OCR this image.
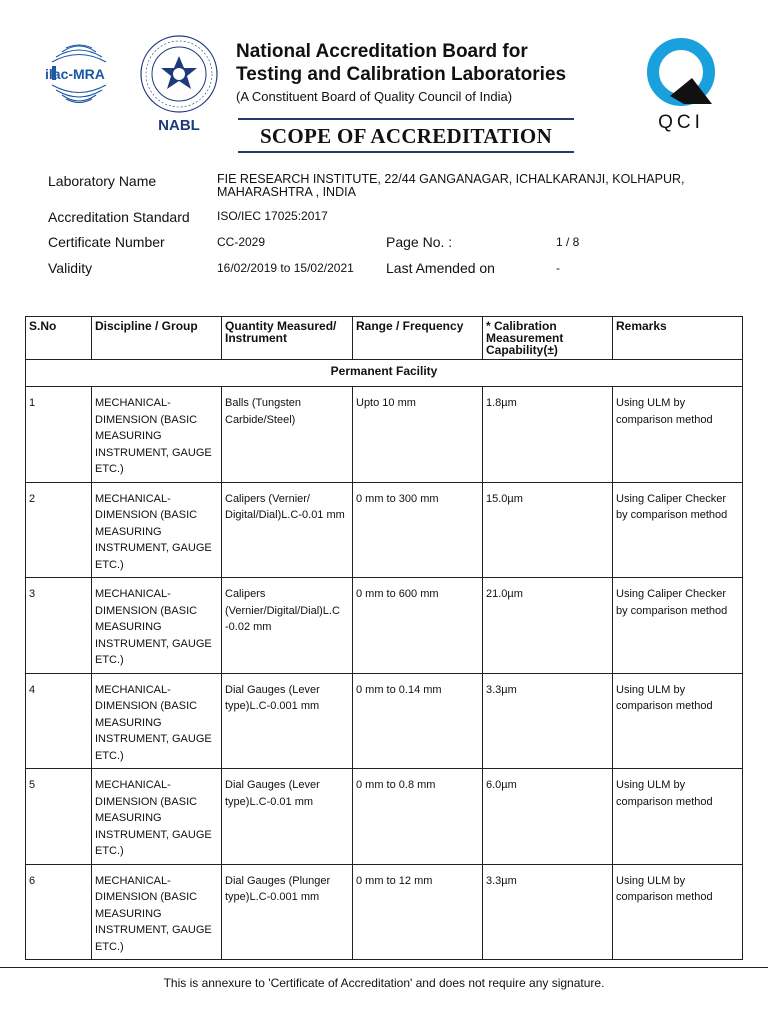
ilac-MRA
NABL	QCI
National Accreditation Board for
Testing and Calibration Laboratories
(A Constituent Board of Quality Council of India)
SCOPE OF ACCREDITATION
Laboratory Name	FIE RESEARCH INSTITUTE, 22/44 GANGANAGAR, ICHALKARANJI, KOLHAPUR,
MAHARASHTRA , INDIA
Accreditation Standard ISO/IEC 17025:2017
Certificate Number	CC-2029	Page No. :	1 / 8
Validity	16/02/2019 to 15/02/2021 Last Amended on	-
S.No	Discipline / Group	Quantity Measured/ Instrument	Range / Frequency	* Calibration Measurement Capability(±)	Remarks
Permanent Facility					
1	MECHANICAL- DIMENSION (BASIC MEASURING INSTRUMENT, GAUGE ETC.)	Balls (Tungsten Carbide/Steel)	Upto 10 mm	1.8µm	Using ULM by comparison method
2	MECHANICAL- DIMENSION (BASIC MEASURING INSTRUMENT, GAUGE ETC.)	Calipers (Vernier/ Digital/Dial)L.C-0.01 mm	0 mm to 300 mm	15.0µm	Using Caliper Checker by comparison method
3	MECHANICAL- DIMENSION (BASIC MEASURING INSTRUMENT, GAUGE ETC.)	Calipers (Vernier/Digital/Dial)L.C -0.02 mm	0 mm to 600 mm	21.0µm	Using Caliper Checker by comparison method
4	MECHANICAL- DIMENSION (BASIC MEASURING INSTRUMENT, GAUGE ETC.)	Dial Gauges (Lever type)L.C-0.001 mm	0 mm to 0.14 mm	3.3µm	Using ULM by comparison method
5	MECHANICAL- DIMENSION (BASIC MEASURING INSTRUMENT, GAUGE ETC.)	Dial Gauges (Lever type)L.C-0.01 mm	0 mm to 0.8 mm	6.0µm	Using ULM by comparison method
6	MECHANICAL- DIMENSION (BASIC MEASURING INSTRUMENT, GAUGE ETC.)	Dial Gauges (Plunger type)L.C-0.001 mm	0 mm to 12 mm	3.3µm	Using ULM by comparison method
This is annexure to 'Certificate of Accreditation' and does not require any signature.
